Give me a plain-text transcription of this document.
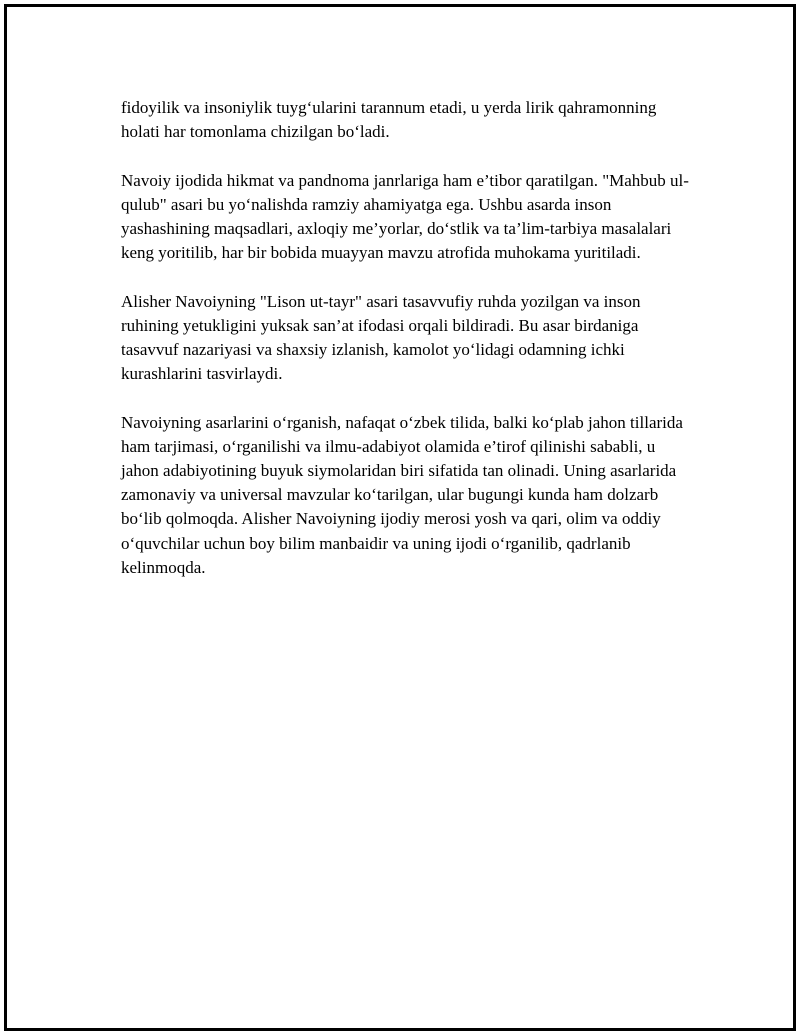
fidoyilik va insoniylik tuyg‘ularini tarannum etadi, u yerda lirik qahramonning holati har tomonlama chizilgan bo‘ladi.

Navoiy ijodida hikmat va pandnoma janrlariga ham e’tibor qaratilgan. "Mahbub ul-qulub" asari bu yo‘nalishda ramziy ahamiyatga ega. Ushbu asarda inson yashashining maqsadlari, axloqiy me’yorlar, do‘stlik va ta’lim-tarbiya masalalari keng yoritilib, har bir bobida muayyan mavzu atrofida muhokama yuritiladi.

Alisher Navoiyning "Lison ut-tayr" asari tasavvufiy ruhda yozilgan va inson ruhining yetukligini yuksak san’at ifodasi orqali bildiradi. Bu asar birdaniga tasavvuf nazariyasi va shaxsiy izlanish, kamolot yo‘lidagi odamning ichki kurashlarini tasvirlaydi.

Navoiyning asarlarini o‘rganish, nafaqat o‘zbek tilida, balki ko‘plab jahon tillarida ham tarjimasi, o‘rganilishi va ilmu-adabiyot olamida e’tirof qilinishi sababli, u jahon adabiyotining buyuk siymolaridan biri sifatida tan olinadi. Uning asarlarida zamonaviy va universal mavzular ko‘tarilgan, ular bugungi kunda ham dolzarb bo‘lib qolmoqda. Alisher Navoiyning ijodiy merosi yosh va qari, olim va oddiy o‘quvchilar uchun boy bilim manbaidir va uning ijodi o‘rganilib, qadrlanib kelinmoqda.
